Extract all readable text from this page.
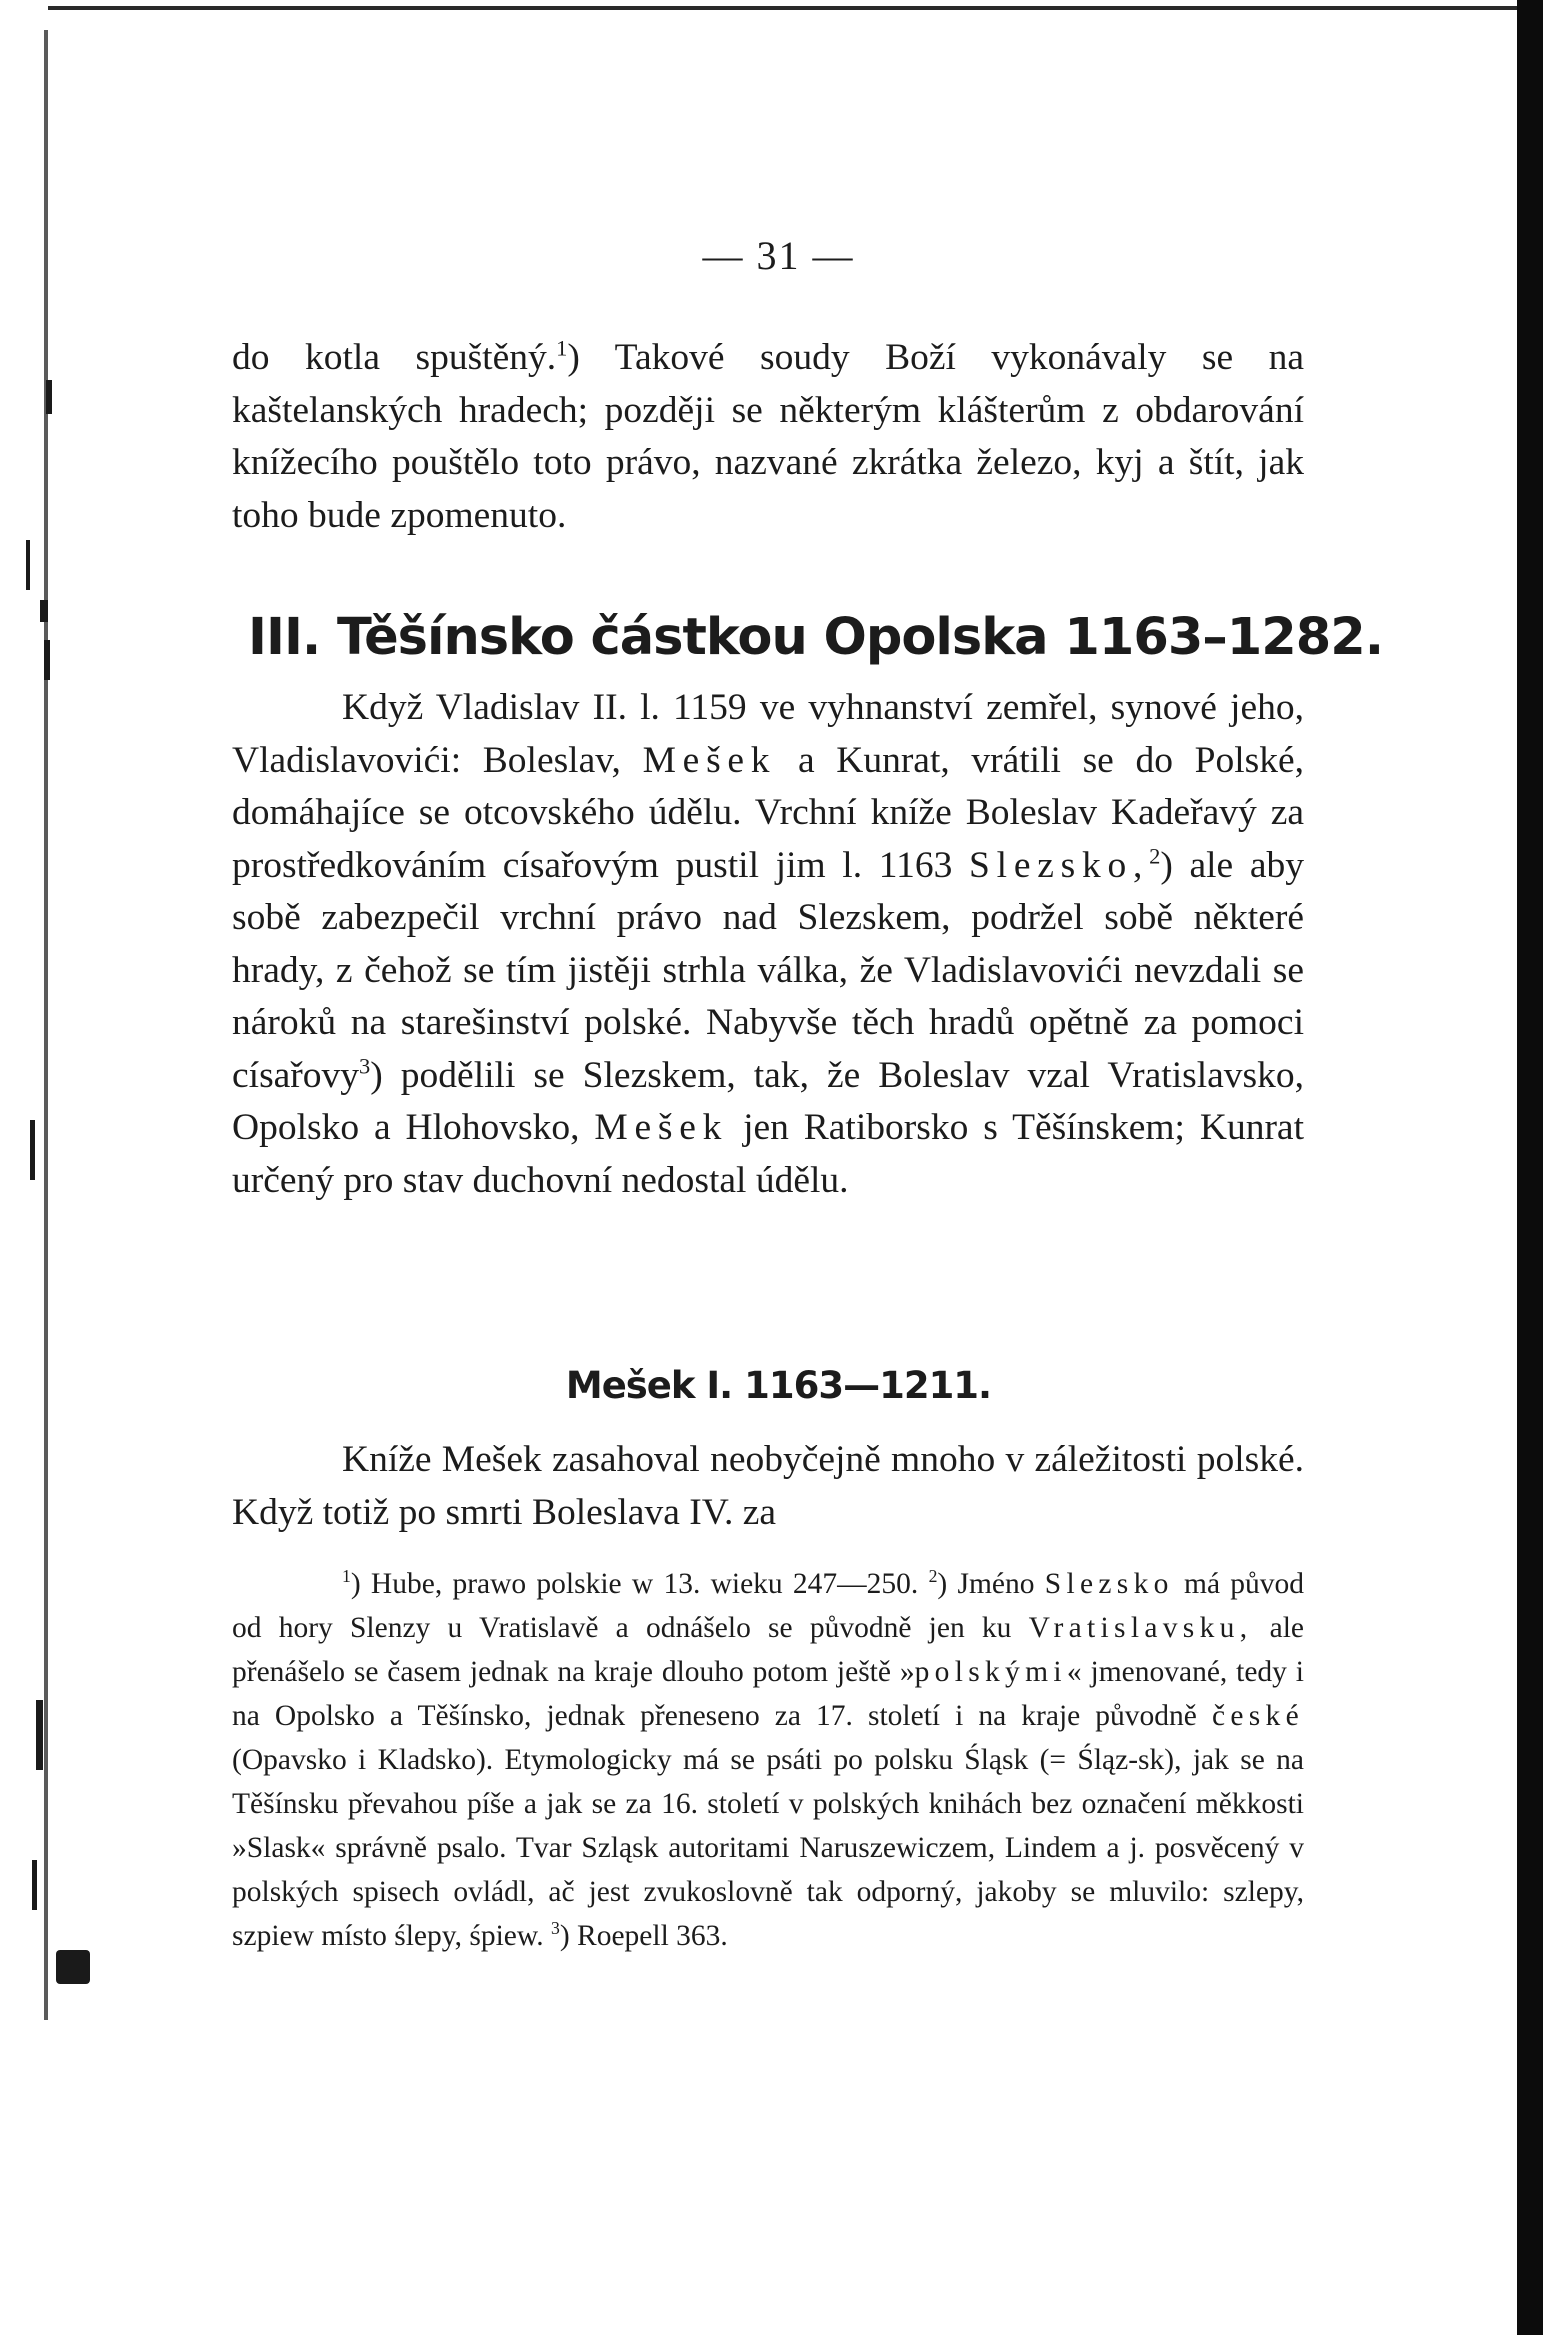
— 31 —

do kotla spuštěný.$^1$) Takové soudy Boží vykonávaly se na kaštelanských hradech; později se některým klášterům z obdarování knížecího pouštělo toto právo, nazvané zkrátka železo, kyj a štít, jak toho bude zpomenuto.

III. Těšínsko částkou Opolska 1163–1282.

Když Vladislav II. l. 1159 ve vyhnanství zemřel, synové jeho, Vladislavovići: Boleslav, Mešek a Kunrat, vrátili se do Polské, domáhajíce se otcovského údělu. Vrchní kníže Boleslav Kadeřavý za prostředkováním císařovým pustil jim l. 1163 Slezsko,$^2$) ale aby sobě zabezpečil vrchní právo nad Slezskem, podržel sobě některé hrady, z čehož se tím jistěji strhla válka, že Vladislavovići nevzdali se nároků na starešinství polské. Nabyvše těch hradů opětně za pomoci císařovy$^3$) podělili se Slezskem, tak, že Boleslav vzal Vratislavsko, Opolsko a Hlohovsko, Mešek jen Ratiborsko s Těšínskem; Kunrat určený pro stav duchovní nedostal údělu.

Mešek I. 1163—1211.

Kníže Mešek zasahoval neobyčejně mnoho v záležitosti polské. Když totiž po smrti Boleslava IV. za

$^1$) Hube, prawo polskie w 13. wieku 247—250. $^2$) Jméno Slezsko má původ od hory Slenzy u Vratislavě a odnášelo se původně jen ku Vratislavsku, ale přenášelo se časem jednak na kraje dlouho potom ještě »polskými« jmenované, tedy i na Opolsko a Těšínsko, jednak přeneseno za 17. století i na kraje původně české (Opavsko i Kladsko). Etymologicky má se psáti po polsku Śląsk (= Śląz-sk), jak se na Těšínsku převahou píše a jak se za 16. století v polských knihách bez označení měkkosti »Slask« správně psalo. Tvar Szląsk autoritami Naruszewiczem, Lindem a j. posvěcený v polských spisech ovládl, ač jest zvukoslovně tak odporný, jakoby se mluvilo: szlepy, szpiew místo ślepy, śpiew. $^3$) Roepell 363.
